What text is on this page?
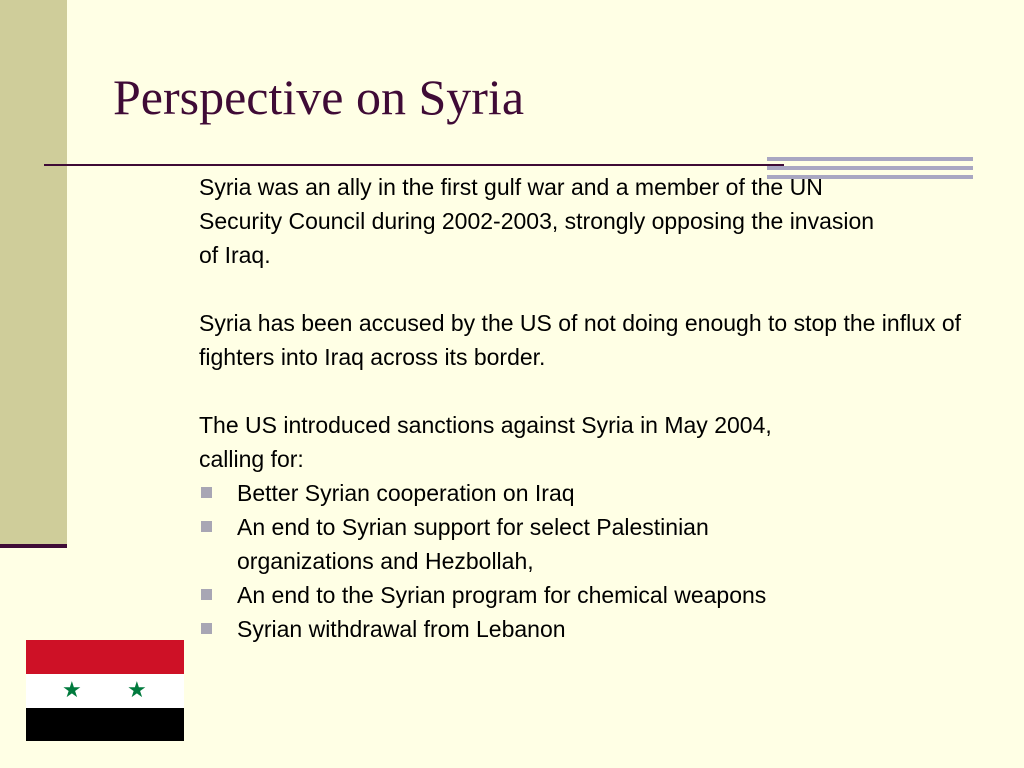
Perspective on Syria

Syria was an ally in the first gulf war and a member of the UN Security Council during 2002-2003, strongly opposing the invasion of Iraq.

Syria has been accused by the US of not doing enough to stop the influx of fighters into Iraq across its border.

The US introduced sanctions against Syria in May 2004, calling for:

Better Syrian cooperation on Iraq
An end to Syrian support for select Palestinian organizations and Hezbollah,
An end to the Syrian program for chemical weapons
Syrian withdrawal from Lebanon
★ ★
